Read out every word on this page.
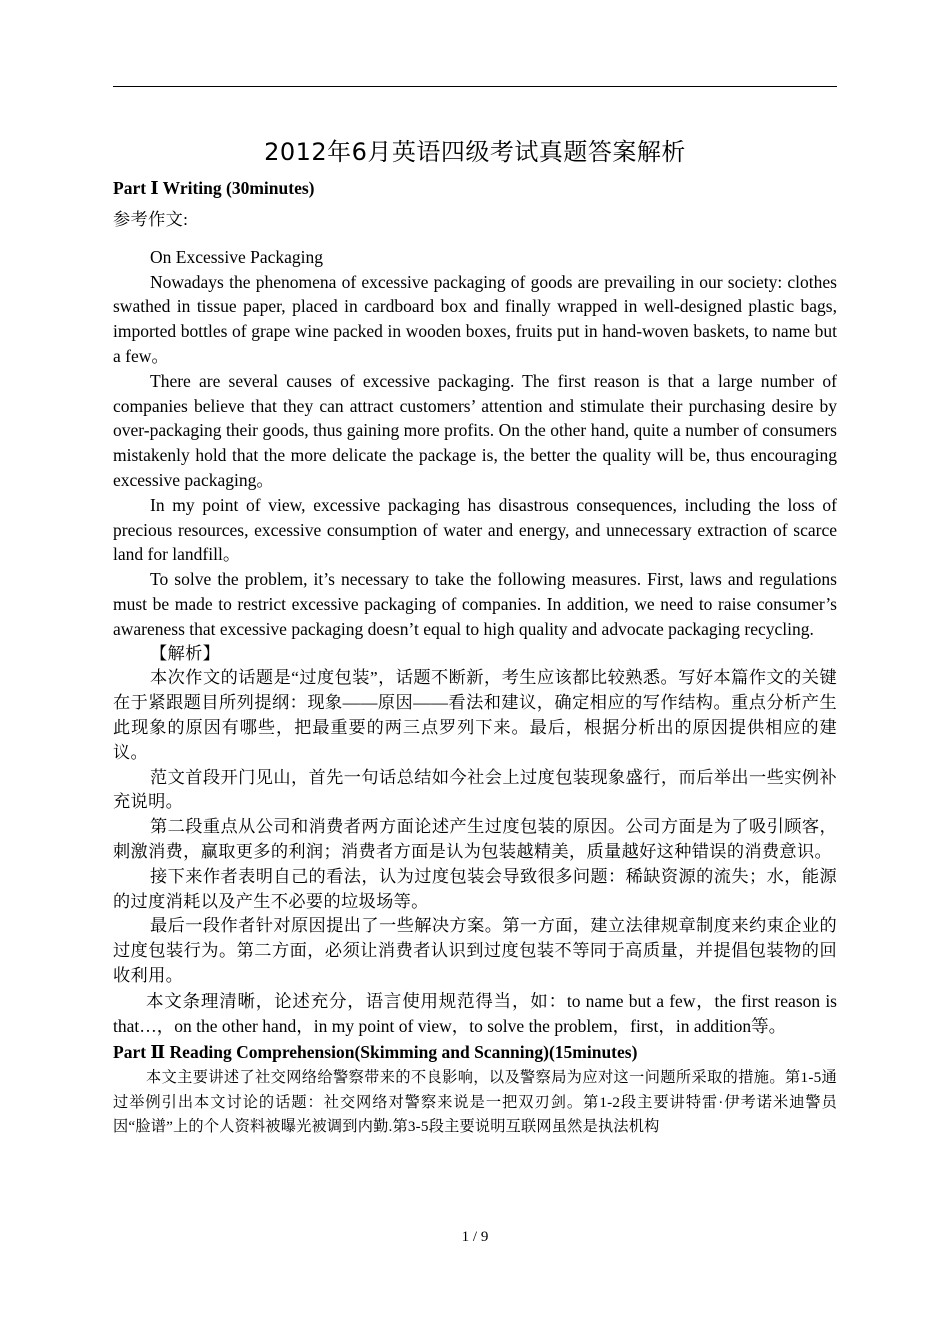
2012年6月英语四级考试真题答案解析

Part Ⅰ Writing (30minutes)

参考作文:

On Excessive Packaging

Nowadays the phenomena of excessive packaging of goods are prevailing in our society: clothes swathed in tissue paper, placed in cardboard box and finally wrapped in well-designed plastic bags, imported bottles of grape wine packed in wooden boxes, fruits put in hand-woven baskets, to name but a few。

There are several causes of excessive packaging. The first reason is that a large number of companies believe that they can attract customers’ attention and stimulate their purchasing desire by over-packaging their goods, thus gaining more profits. On the other hand, quite a number of consumers mistakenly hold that the more delicate the package is, the better the quality will be, thus encouraging excessive packaging。

In my point of view, excessive packaging has disastrous consequences, including the loss of precious resources, excessive consumption of water and energy, and unnecessary extraction of scarce land for landfill。

To solve the problem, it’s necessary to take the following measures. First, laws and regulations must be made to restrict excessive packaging of companies. In addition, we need to raise consumer’s awareness that excessive packaging doesn’t equal to high quality and advocate packaging recycling.

【解析】

本次作文的话题是“过度包装”，话题不断新，考生应该都比较熟悉。写好本篇作文的关键在于紧跟题目所列提纲：现象——原因——看法和建议，确定相应的写作结构。重点分析产生此现象的原因有哪些，把最重要的两三点罗列下来。最后，根据分析出的原因提供相应的建议。

范文首段开门见山，首先一句话总结如今社会上过度包装现象盛行，而后举出一些实例补充说明。

第二段重点从公司和消费者两方面论述产生过度包装的原因。公司方面是为了吸引顾客，刺激消费，赢取更多的利润；消费者方面是认为包装越精美，质量越好这种错误的消费意识。

接下来作者表明自己的看法，认为过度包装会导致很多问题：稀缺资源的流失；水，能源的过度消耗以及产生不必要的垃圾场等。

最后一段作者针对原因提出了一些解决方案。第一方面，建立法律规章制度来约束企业的过度包装行为。第二方面，必须让消费者认识到过度包装不等同于高质量，并提倡包装物的回收利用。

本文条理清晰，论述充分，语言使用规范得当，如：to name but a few，the first reason is that…，on the other hand，in my point of view，to solve the problem，first，in addition等。

Part Ⅱ Reading Comprehension(Skimming and Scanning)(15minutes)

本文主要讲述了社交网络给警察带来的不良影响，以及警察局为应对这一问题所采取的措施。第1-5通过举例引出本文讨论的话题：社交网络对警察来说是一把双刃剑。第1-2段主要讲特雷·伊考诺米迪警员因“脸谱”上的个人资料被曝光被调到内勤.第3-5段主要说明互联网虽然是执法机构

1 / 9
